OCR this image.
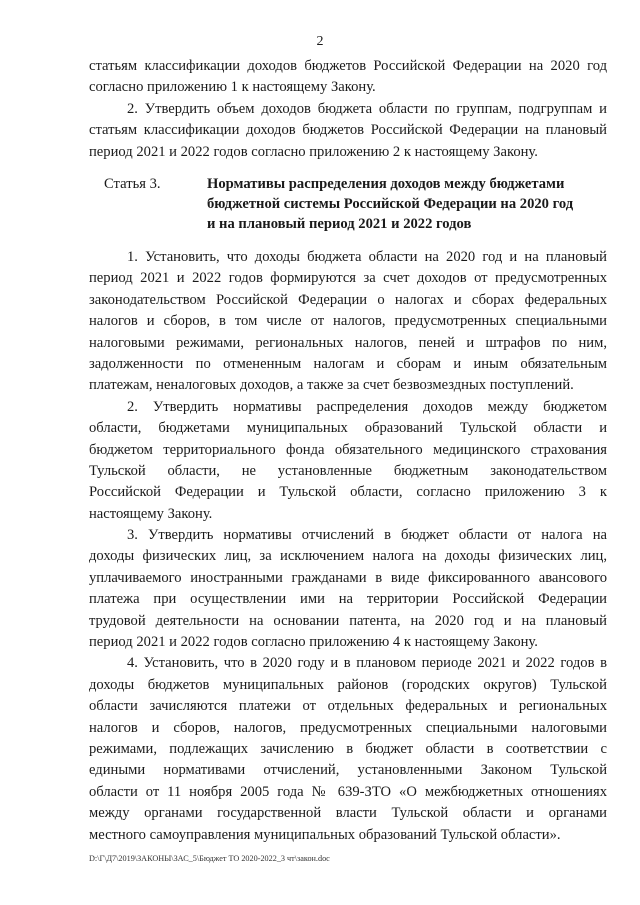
2
статьям классификации доходов бюджетов Российской Федерации на 2020 год
согласно приложению 1 к настоящему Закону.
2. Утвердить объем доходов бюджета области по группам, подгруппам и
статьям классификации доходов бюджетов Российской Федерации на плановый
период 2021 и 2022 годов согласно приложению 2 к настоящему Закону.
Статья 3.	Нормативы распределения доходов между бюджетами
бюджетной системы Российской Федерации на 2020 год
и на плановый период 2021 и 2022 годов
1. Установить, что доходы бюджета области на 2020 год и на плановый
период 2021 и 2022 годов формируются за счет доходов от предусмотренных
законодательством Российской Федерации о налогах и сборах федеральных
налогов и сборов, в том числе от налогов, предусмотренных специальными
налоговыми режимами, региональных налогов, пеней и штрафов по ним,
задолженности по отмененным налогам и сборам и иным обязательным
платежам, неналоговых доходов, а также за счет безвозмездных поступлений.
2. Утвердить нормативы распределения доходов между бюджетом
области, бюджетами муниципальных образований Тульской области и
бюджетом территориального фонда обязательного медицинского страхования
Тульской области, не установленные бюджетным законодательством
Российской Федерации и Тульской области, согласно приложению 3 к
настоящему Закону.
3. Утвердить нормативы отчислений в бюджет области от налога на
доходы физических лиц, за исключением налога на доходы физических лиц,
уплачиваемого иностранными гражданами в виде фиксированного авансового
платежа при осуществлении ими на территории Российской Федерации
трудовой деятельности на основании патента, на 2020 год и на плановый
период 2021 и 2022 годов согласно приложению 4 к настоящему Закону.
4. Установить, что в 2020 году и в плановом периоде 2021 и 2022 годов в
доходы бюджетов муниципальных районов (городских округов) Тульской
области зачисляются платежи от отдельных федеральных и региональных
налогов и сборов, налогов, предусмотренных специальными налоговыми
режимами, подлежащих зачислению в бюджет области в соответствии с
едиными нормативами отчислений, установленными Законом Тульской
области от 11 ноября 2005 года № 639-ЗТО «О межбюджетных отношениях
между органами государственной власти Тульской области и органами
местного самоуправления муниципальных образований Тульской области».
D:\Г\Д7\2019\ЗАКОНЫ\ЗАС_5\Бюджет ТО 2020-2022_3 чт\закон.doc
